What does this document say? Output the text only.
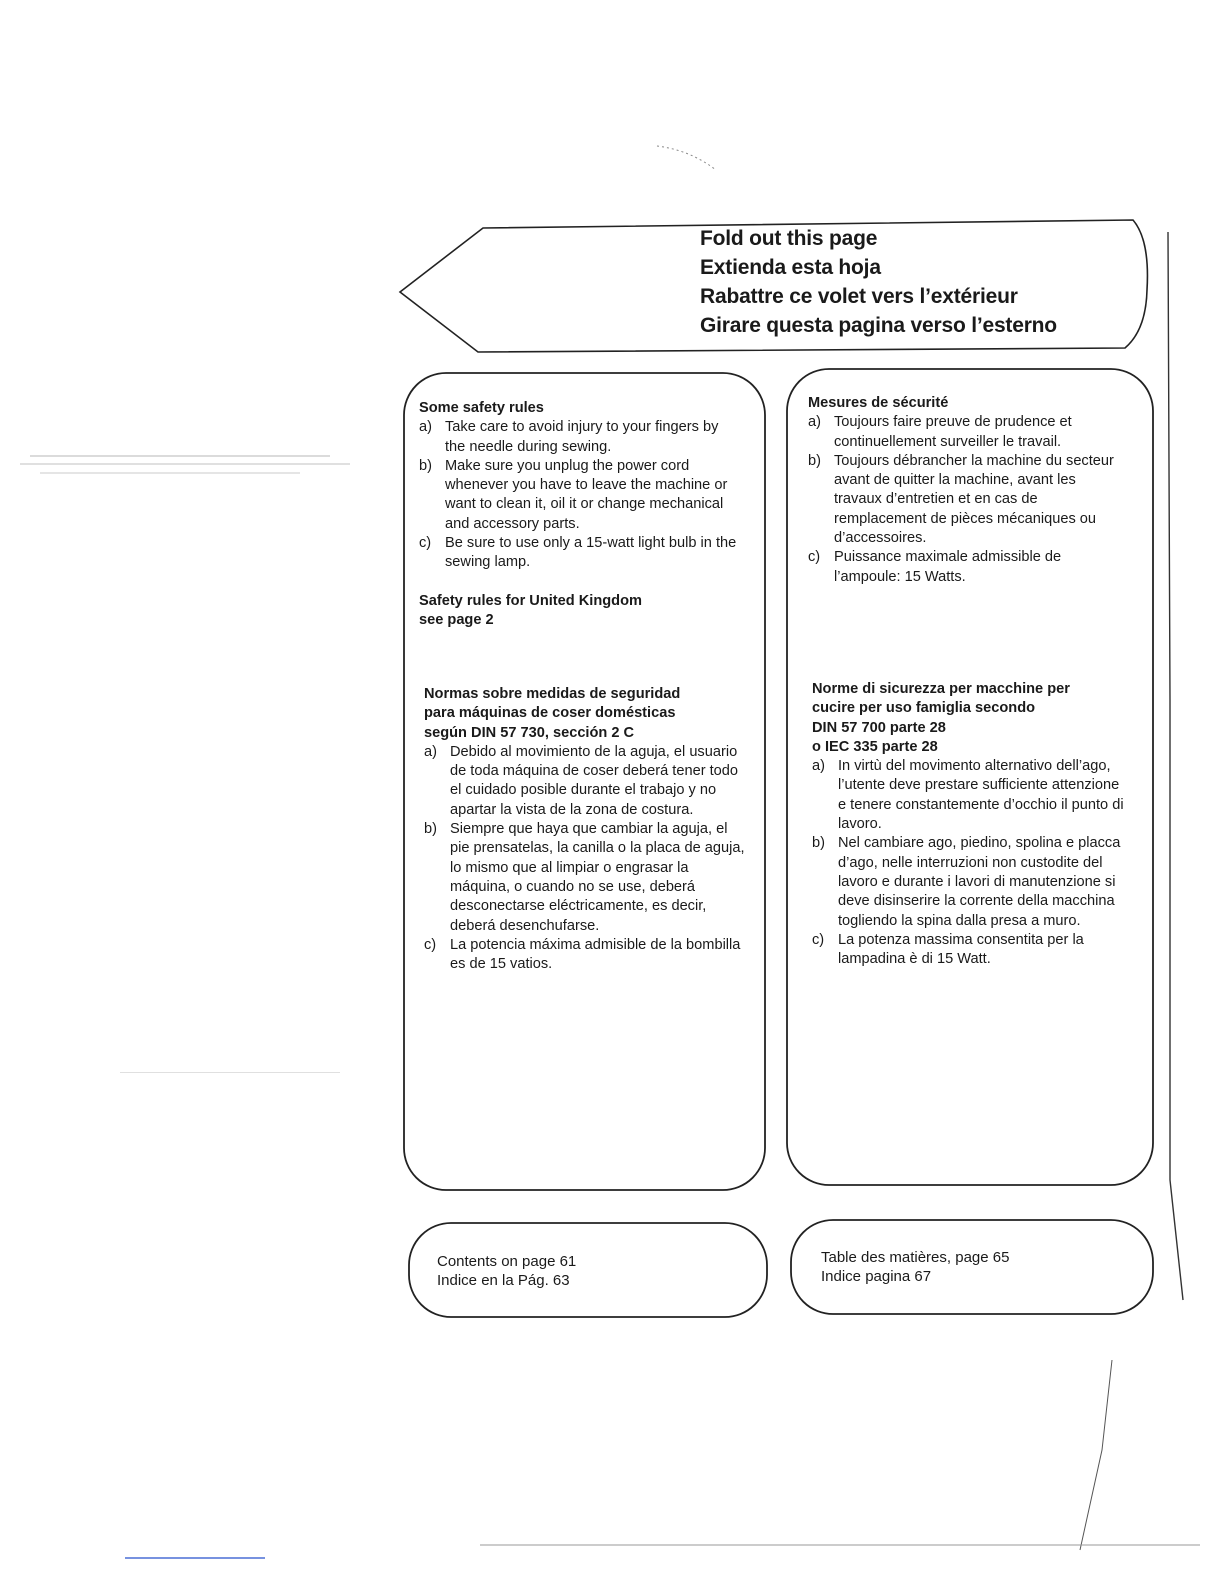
Fold out this page
Extienda esta hoja
Rabattre ce volet vers l’extérieur
Girare questa pagina verso l’esterno
Some safety rules
a) Take care to avoid injury to your fingers by the needle during sewing.
b) Make sure you unplug the power cord whenever you have to leave the machine or want to clean it, oil it or change mechanical and accessory parts.
c) Be sure to use only a 15-watt light bulb in the sewing lamp.
Safety rules for United Kingdom
see page 2
Normas sobre medidas de seguridad
para máquinas de coser domésticas
según DIN 57 730, sección 2 C
a) Debido al movimiento de la aguja, el usuario de toda máquina de coser deberá tener todo el cuidado posible durante el trabajo y no apartar la vista de la zona de costura.
b) Siempre que haya que cambiar la aguja, el pie prensatelas, la canilla o la placa de aguja, lo mismo que al limpiar o engrasar la máquina, o cuando no se use, deberá desconectarse eléctricamente, es decir, deberá desenchufarse.
c) La potencia máxima admisible de la bombilla es de 15 vatios.
Mesures de sécurité
a) Toujours faire preuve de prudence et continuellement surveiller le travail.
b) Toujours débrancher la machine du secteur avant de quitter la machine, avant les travaux d’entretien et en cas de remplacement de pièces mécaniques ou d’accessoires.
c) Puissance maximale admissible de l’ampoule: 15 Watts.
Norme di sicurezza per macchine per
cucire per uso famiglia secondo
DIN 57 700 parte 28
o IEC 335 parte 28
a) In virtù del movimento alternativo dell’ago, l’utente deve prestare sufficiente attenzione e tenere constantemente d’occhio il punto di lavoro.
b) Nel cambiare ago, piedino, spolina e placca d’ago, nelle interruzioni non custodite del lavoro e durante i lavori di manutenzione si deve disinserire la corrente della macchina togliendo la spina dalla presa a muro.
c) La potenza massima consentita per la lampadina è di 15 Watt.
Contents on page 61
Indice en la Pág. 63
Table des matières, page 65
Indice pagina 67
